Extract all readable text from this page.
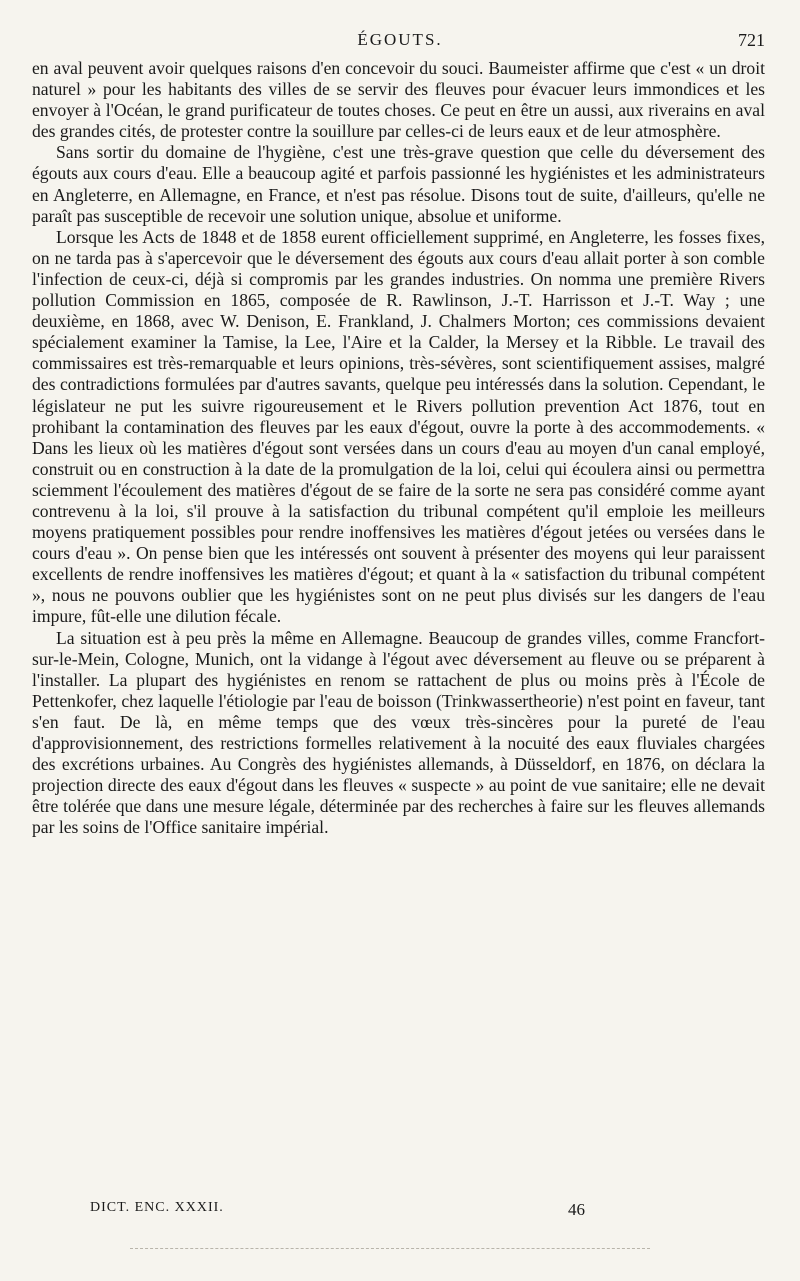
ÉGOUTS.	721

en aval peuvent avoir quelques raisons d'en concevoir du souci. Baumeister affirme que c'est « un droit naturel » pour les habitants des villes de se servir des fleuves pour évacuer leurs immondices et les envoyer à l'Océan, le grand purificateur de toutes choses. Ce peut en être un aussi, aux riverains en aval des grandes cités, de protester contre la souillure par celles-ci de leurs eaux et de leur atmosphère.

Sans sortir du domaine de l'hygiène, c'est une très-grave question que celle du déversement des égouts aux cours d'eau. Elle a beaucoup agité et parfois passionné les hygiénistes et les administrateurs en Angleterre, en Allemagne, en France, et n'est pas résolue. Disons tout de suite, d'ailleurs, qu'elle ne paraît pas susceptible de recevoir une solution unique, absolue et uniforme.

Lorsque les Acts de 1848 et de 1858 eurent officiellement supprimé, en Angleterre, les fosses fixes, on ne tarda pas à s'apercevoir que le déversement des égouts aux cours d'eau allait porter à son comble l'infection de ceux-ci, déjà si compromis par les grandes industries. On nomma une première Rivers pollution Commission en 1865, composée de R. Rawlinson, J.-T. Harrisson et J.-T. Way ; une deuxième, en 1868, avec W. Denison, E. Frankland, J. Chalmers Morton; ces commissions devaient spécialement examiner la Tamise, la Lee, l'Aire et la Calder, la Mersey et la Ribble. Le travail des commissaires est très-remarquable et leurs opinions, très-sévères, sont scientifiquement assises, malgré des contradictions formulées par d'autres savants, quelque peu intéressés dans la solution. Cependant, le législateur ne put les suivre rigoureusement et le Rivers pollution prevention Act 1876, tout en prohibant la contamination des fleuves par les eaux d'égout, ouvre la porte à des accommodements. « Dans les lieux où les matières d'égout sont versées dans un cours d'eau au moyen d'un canal employé, construit ou en construction à la date de la promulgation de la loi, celui qui écoulera ainsi ou permettra sciemment l'écoulement des matières d'égout de se faire de la sorte ne sera pas considéré comme ayant contrevenu à la loi, s'il prouve à la satisfaction du tribunal compétent qu'il emploie les meilleurs moyens pratiquement possibles pour rendre inoffensives les matières d'égout jetées ou versées dans le cours d'eau ». On pense bien que les intéressés ont souvent à présenter des moyens qui leur paraissent excellents de rendre inoffensives les matières d'égout; et quant à la « satisfaction du tribunal compétent », nous ne pouvons oublier que les hygiénistes sont on ne peut plus divisés sur les dangers de l'eau impure, fût-elle une dilution fécale.

La situation est à peu près la même en Allemagne. Beaucoup de grandes villes, comme Francfort-sur-le-Mein, Cologne, Munich, ont la vidange à l'égout avec déversement au fleuve ou se préparent à l'installer. La plupart des hygiénistes en renom se rattachent de plus ou moins près à l'École de Pettenkofer, chez laquelle l'étiologie par l'eau de boisson (Trinkwassertheorie) n'est point en faveur, tant s'en faut. De là, en même temps que des vœux très-sincères pour la pureté de l'eau d'approvisionnement, des restrictions formelles relativement à la nocuité des eaux fluviales chargées des excrétions urbaines. Au Congrès des hygiénistes allemands, à Düsseldorf, en 1876, on déclara la projection directe des eaux d'égout dans les fleuves « suspecte » au point de vue sanitaire; elle ne devait être tolérée que dans une mesure légale, déterminée par des recherches à faire sur les fleuves allemands par les soins de l'Office sanitaire impérial.

DICT. ENC. XXXII.	46
